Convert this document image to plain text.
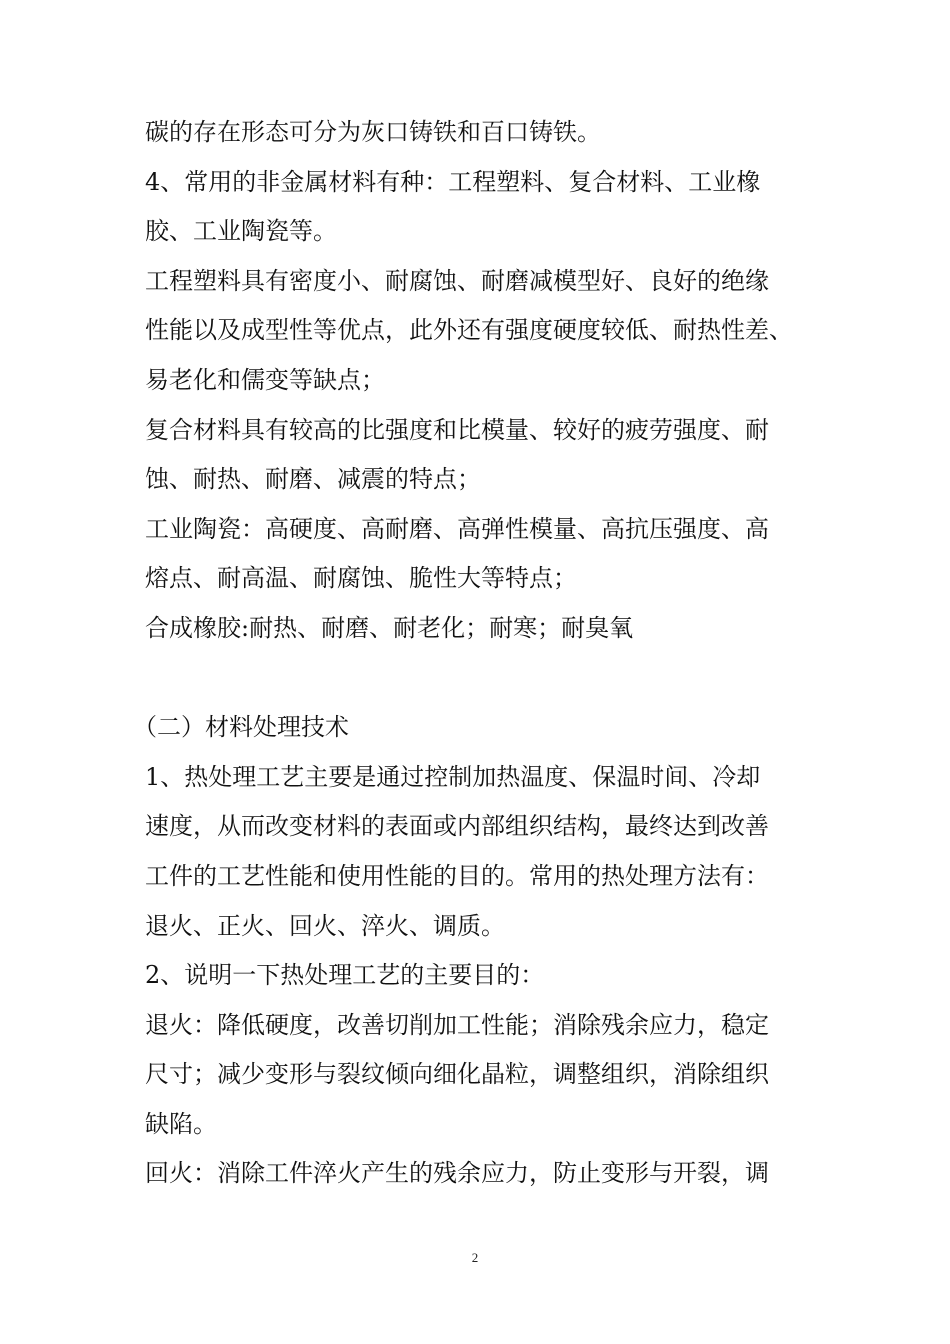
碳的存在形态可分为灰口铸铁和百口铸铁。
4、常用的非金属材料有种：工程塑料、复合材料、工业橡
胶、工业陶瓷等。
工程塑料具有密度小、耐腐蚀、耐磨减模型好、良好的绝缘
性能以及成型性等优点，此外还有强度硬度较低、耐热性差、
易老化和儒变等缺点；
复合材料具有较高的比强度和比模量、较好的疲劳强度、耐
蚀、耐热、耐磨、减震的特点；
工业陶瓷：高硬度、高耐磨、高弹性模量、高抗压强度、高
熔点、耐高温、耐腐蚀、脆性大等特点；
合成橡胶:耐热、耐磨、耐老化；耐寒；耐臭氧
（二）材料处理技术
1、热处理工艺主要是通过控制加热温度、保温时间、冷却
速度，从而改变材料的表面或内部组织结构，最终达到改善
工件的工艺性能和使用性能的目的。常用的热处理方法有：
退火、正火、回火、淬火、调质。
2、说明一下热处理工艺的主要目的：
退火：降低硬度，改善切削加工性能；消除残余应力，稳定
尺寸；减少变形与裂纹倾向细化晶粒，调整组织，消除组织
缺陷。
回火：消除工件淬火产生的残余应力，防止变形与开裂，调
2
